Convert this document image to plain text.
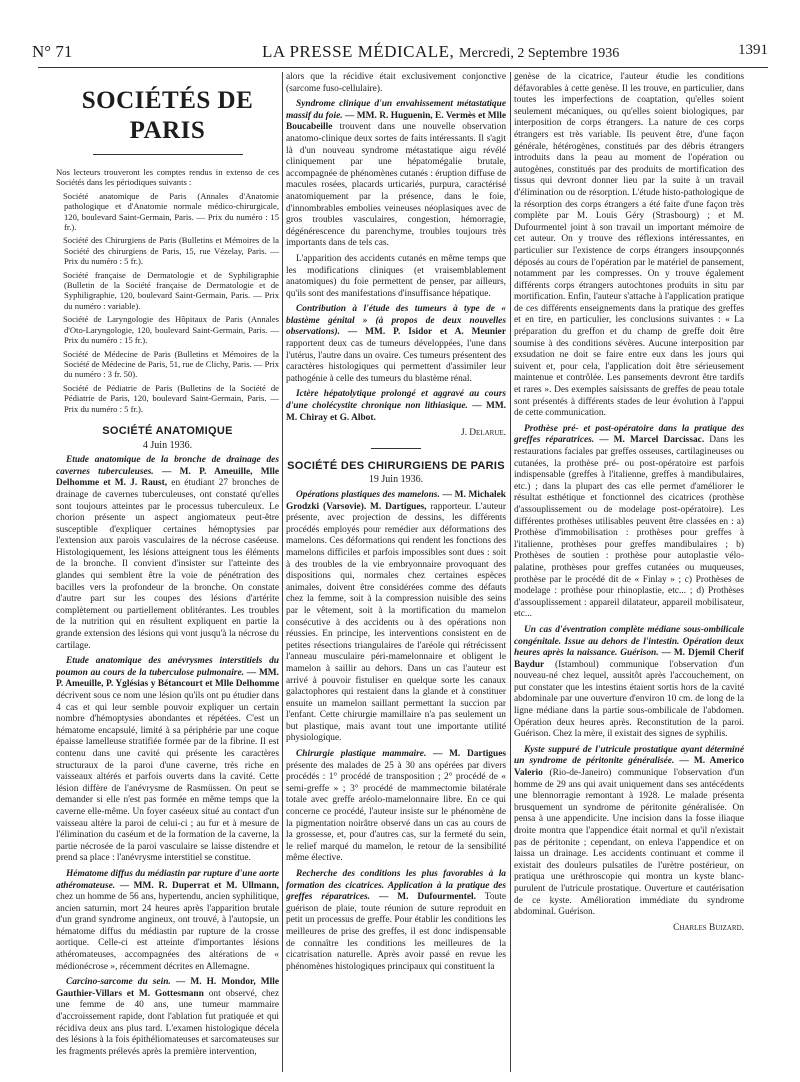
N° 71	LA PRESSE MÉDICALE, Mercredi, 2 Septembre 1936	1391
SOCIÉTÉS DE PARIS

Nos lecteurs trouveront les comptes rendus in extenso de ces Sociétés dans les périodiques suivants :

Société anatomique de Paris (Annales d'Anatomie pathologique et d'Anatomie normale médico-chirurgicale, 120, boulevard Saint-Germain, Paris. — Prix du numéro : 15 fr.).

Société des Chirurgiens de Paris (Bulletins et Mémoires de la Société des chirurgiens de Paris, 15, rue Vézelay, Paris. — Prix du numéro : 5 fr.).

Société française de Dermatologie et de Syphiligraphie (Bulletin de la Société française de Dermatologie et de Syphiligraphie, 120, boulevard Saint-Germain, Paris. — Prix du numéro : variable).

Société de Laryngologie des Hôpitaux de Paris (Annales d'Oto-Laryngologie, 120, boulevard Saint-Germain, Paris. — Prix du numéro : 15 fr.).

Société de Médecine de Paris (Bulletins et Mémoires de la Société de Médecine de Paris, 51, rue de Clichy, Paris. — Prix du numéro : 3 fr. 50).

Société de Pédiatrie de Paris (Bulletins de la Société de Pédiatrie de Paris, 120, boulevard Saint-Germain, Paris. — Prix du numéro : 5 fr.).

SOCIÉTÉ ANATOMIQUE

4 Juin 1936.

Etude anatomique de la bronche de drainage des cavernes tuberculeuses. — M. P. Ameuille, Mlle Delhomme et M. J. Raust, en étudiant 27 bronches de drainage de cavernes tuberculeuses, ont constaté qu'elles sont toujours atteintes par le processus tuberculeux. Le chorion présente un aspect angiomateux peut-être susceptible d'expliquer certaines hémoptysies par l'extension aux parois vasculaires de la nécrose caséeuse. Histologiquement, les lésions atteignent tous les éléments de la bronche. Il convient d'insister sur l'atteinte des glandes qui semblent être la voie de pénétration des bacilles vers la profondeur de la bronche. On constate d'autre part sur les coupes des lésions d'artérite complètement ou partiellement oblitérantes. Les troubles de la nutrition qui en résultent expliquent en partie la grande extension des lésions qui vont jusqu'à la nécrose du cartilage.

Etude anatomique des anévrysmes interstitiels du poumon au cours de la tuberculose pulmonaire. — MM. P. Ameuille, P. Yglésias y Bétancourt et Mlle Delhomme décrivent sous ce nom une lésion qu'ils ont pu étudier dans 4 cas et qui leur semble pouvoir expliquer un certain nombre d'hémoptysies abondantes et répétées. C'est un hématome encapsulé, limité à sa périphérie par une coque épaisse lamelleuse stratifiée formée par de la fibrine. Il est contenu dans une cavité qui présente les caractères structuraux de la paroi d'une caverne, très riche en vaisseaux altérés et parfois ouverts dans la cavité. Cette lésion diffère de l'anévrysme de Rasmüssen. On peut se demander si elle n'est pas formée en même temps que la caverne elle-même. Un foyer caséeux situé au contact d'un vaisseau altère la paroi de celui-ci ; au fur et à mesure de l'élimination du caséum et de la formation de la caverne, la partie nécrosée de la paroi vasculaire se laisse distendre et prend sa place : l'anévrysme interstitiel se constitue.

Hématome diffus du médiastin par rupture d'une aorte athéromateuse. — MM. R. Duperrat et M. Ullmann, chez un homme de 56 ans, hypertendu, ancien syphilitique, ancien saturnin, mort 24 heures après l'apparition brutale d'un grand syndrome angineux, ont trouvé, à l'autopsie, un hématome diffus du médiastin par rupture de la crosse aortique. Celle-ci est atteinte d'importantes lésions athéromateuses, accompagnées des altérations de « médionécrose », récemment décrites en Allemagne.

Carcino-sarcome du sein. — M. H. Mondor, Mlle Gauthier-Villars et M. Gottesmann ont observé, chez une femme de 40 ans, une tumeur mammaire d'accroissement rapide, dont l'ablation fut pratiquée et qui récidiva deux ans plus tard. L'examen histologique décela des lésions à la fois épithéliomateuses et sarcomateuses sur les fragments prélevés après la première intervention,

alors que la récidive était exclusivement conjonctive (sarcome fuso-cellulaire).

Syndrome clinique d'un envahissement métastatique massif du foie. — MM. R. Huguenin, E. Vermès et Mlle Boucabeille trouvent dans une nouvelle observation anatomo-clinique deux sortes de faits intéressants. Il s'agit là d'un nouveau syndrome métastatique aigu révélé cliniquement par une hépatomégalie brutale, accompagnée de phénomènes cutanés : éruption diffuse de macules rosées, placards urticariés, purpura, caractérisé anatomiquement par la présence, dans le foie, d'innombrables embolies veineuses néoplasiques avec de gros troubles vasculaires, congestion, hémorragie, dégénérescence du parenchyme, troubles toujours très importants dans de tels cas.

L'apparition des accidents cutanés en même temps que les modifications cliniques (et vraisemblablement anatomiques) du foie permettent de penser, par ailleurs, qu'ils sont des manifestations d'insuffisance hépatique.

Contribution à l'étude des tumeurs à type de « blastème génital » (à propos de deux nouvelles observations). — MM. P. Isidor et A. Meunier rapportent deux cas de tumeurs développées, l'une dans l'utérus, l'autre dans un ovaire. Ces tumeurs présentent des caractères histologiques qui permettent d'assimiler leur pathogénie à celle des tumeurs du blastème rénal.

Ictère hépatolytique prolongé et aggravé au cours d'une cholécystite chronique non lithiasique. — MM. M. Chiray et G. Albot.

J. Delarue.

SOCIÉTÉ DES CHIRURGIENS DE PARIS

19 Juin 1936.

Opérations plastiques des mamelons. — M. Michalek Grodzki (Varsovie). M. Dartigues, rapporteur. L'auteur présente, avec projection de dessins, les différents procédés employés pour remédier aux déformations des mamelons. Ces déformations qui rendent les fonctions des mamelons difficiles et parfois impossibles sont dues : soit à des troubles de la vie embryonnaire provoquant des dispositions qui, normales chez certaines espèces animales, doivent être considérées comme des défauts chez la femme, soit à la compression nuisible des seins par le vêtement, soit à la mortification du mamelon consécutive à des accidents ou à des opérations non réussies. En principe, les interventions consistent en de petites résections triangulaires de l'aréole qui rétrécissent l'anneau musculaire péri-mamelonnaire et obligent le mamelon à saillir au dehors. Dans un cas l'auteur est arrivé à pouvoir fistuliser en quelque sorte les canaux galactophores qui restaient dans la glande et à constituer ensuite un mamelon saillant permettant la succion par l'enfant. Cette chirurgie mamillaire n'a pas seulement un but plastique, mais avant tout une importante utilité physiologique.

Chirurgie plastique mammaire. — M. Dartigues présente des malades de 25 à 30 ans opérées par divers procédés : 1° procédé de transposition ; 2° procédé de « semi-greffe » ; 3° procédé de mammectomie bilatérale totale avec greffe aréolo-mamelonnaire libre. En ce qui concerne ce procédé, l'auteur insiste sur le phénomène de la pigmentation noirâtre observé dans un cas au cours de la grossesse, et, pour d'autres cas, sur la fermeté du sein, le relief marqué du mamelon, le retour de la sensibilité même élective.

Recherche des conditions les plus favorables à la formation des cicatrices. Application à la pratique des greffes réparatrices. — M. Dufourmentel. Toute guérison de plaie, toute réunion de suture reproduit en petit un processus de greffe. Pour établir les conditions les meilleures de prise des greffes, il est donc indispensable de connaître les conditions les meilleures de la cicatrisation naturelle. Après avoir passé en revue les phénomènes histologiques principaux qui constituent la

genèse de la cicatrice, l'auteur étudie les conditions défavorables à cette genèse. Il les trouve, en particulier, dans toutes les imperfections de coaptation, qu'elles soient seulement mécaniques, ou qu'elles soient biologiques, par interposition de corps étrangers. La nature de ces corps étrangers est très variable. Ils peuvent être, d'une façon générale, hétérogènes, constitués par des débris étrangers introduits dans la peau au moment de l'opération ou autogènes, constitués par des produits de mortification des tissus qui devront donner lieu par la suite à un travail d'élimination ou de résorption. L'étude histo-pathologique de la résorption des corps étrangers a été faite d'une façon très complète par M. Louis Géry (Strasbourg) ; et M. Dufourmentel joint à son travail un important mémoire de cet auteur. On y trouve des réflexions intéressantes, en particulier sur l'existence de corps étrangers insoupçonnés déposés au cours de l'opération par le matériel de pansement, notamment par les compresses. On y trouve également différents corps étrangers autochtones produits in situ par mortification. Enfin, l'auteur s'attache à l'application pratique de ces différents enseignements dans la pratique des greffes et en tire, en particulier, les conclusions suivantes : « La préparation du greffon et du champ de greffe doit être soumise à des conditions sévères. Aucune interposition par exsudation ne doit se faire entre eux dans les jours qui suivent et, pour cela, l'application doit être sérieusement maintenue et contrôlée. Les pansements devront être tardifs et rares ». Des exemples saisissants de greffes de peau totale sont présentés à différents stades de leur évolution à l'appui de cette communication.

Prothèse pré- et post-opératoire dans la pratique des greffes réparatrices. — M. Marcel Darcissac. Dans les restaurations faciales par greffes osseuses, cartilagineuses ou cutanées, la prothèse pré- ou post-opératoire est parfois indispensable (greffes à l'italienne, greffes à mandibulaires, etc.) ; dans la plupart des cas elle permet d'améliorer le résultat esthétique et fonctionnel des cicatrices (prothèse d'assouplissement ou de modelage post-opératoire). Les différentes prothèses utilisables peuvent être classées en : a) Prothèse d'immobilisation : prothèses pour greffes à l'italienne, prothèses pour greffes mandibulaires ; b) Prothèses de soutien : prothèse pour autoplastie vélo-palatine, prothèses pour greffes cutanées ou muqueuses, prothèse par le procédé dit de « Finlay » ; c) Prothèses de modelage : prothèse pour rhinoplastie, etc... ; d) Prothèses d'assouplissement : appareil dilatateur, appareil mobilisateur, etc...

Un cas d'éventration complète médiane sous-ombilicale congénitale. Issue au dehors de l'intestin. Opération deux heures après la naissance. Guérison. — M. Djemil Cherif Baydur (Istamboul) communique l'observation d'un nouveau-né chez lequel, aussitôt après l'accouchement, on put constater que les intestins étaient sortis hors de la cavité abdominale par une ouverture d'environ 10 cm. de long de la ligne médiane dans la partie sous-ombilicale de l'abdomen. Opération deux heures après. Reconstitution de la paroi. Guérison. Chez la mère, il existait des signes de syphilis.

Kyste suppuré de l'utricule prostatique ayant déterminé un syndrome de péritonite généralisée. — M. Americo Valerio (Rio-de-Janeiro) communique l'observation d'un homme de 29 ans qui avait uniquement dans ses antécédents une blennorragie remontant à 1928. Le malade présenta brusquement un syndrome de péritonite généralisée. On pensa à une appendicite. Une incision dans la fosse iliaque droite montra que l'appendice était normal et qu'il n'existait pas de péritonite ; cependant, on enleva l'appendice et on laissa un drainage. Les accidents continuant et comme il existait des douleurs pulsatiles de l'urètre postérieur, on pratiqua une uréthroscopie qui montra un kyste blanc-purulent de l'utricule prostatique. Ouverture et cautérisation de ce kyste. Amélioration immédiate du syndrome abdominal. Guérison.

Charles Buizard.
